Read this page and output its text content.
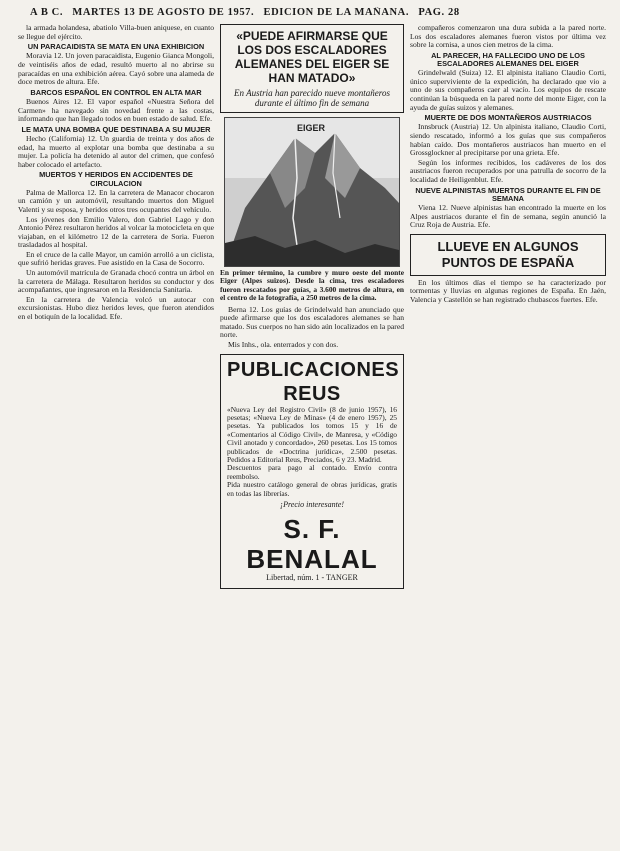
A B C. MARTES 13 DE AGOSTO DE 1957. EDICION DE LA MAÑANA. PAG. 28

la armada holandesa, abatiolo Villa-buen aniquese, en cuanto se llegue del ejército.

UN PARACAIDISTA SE MATA EN UNA EXHIBICION

Moravia 12. Un joven paracaidista, Eugenio Gianca Mongoli, de veintiséis años de edad, resultó muerto al no abrirse su paracaídas en una exhibición aérea. Cayó sobre una alameda de doce metros de altura. Efe.

BARCOS ESPAÑOL EN CONTROL EN ALTA MAR

Buenos Aires 12. El vapor español «Nuestra Señora del Carmen» ha navegado sin novedad frente a las costas, informando que han llegado todos en buen estado de salud. Efe.

LE MATA UNA BOMBA QUE DESTINABA A SU MUJER

Hecho (California) 12. Un guardia de treinta y dos años de edad, ha muerto al explotar una bomba que destinaba a su mujer. La policía ha detenido al autor del crimen, que confesó haber colocado el artefacto.

MUERTOS Y HERIDOS EN ACCIDENTES DE CIRCULACION

Palma de Mallorca 12. En la carretera de Manacor chocaron un camión y un automóvil, resultando muertos don Miguel Valenti y su esposa, y heridos otros tres ocupantes del vehículo.

Los jóvenes don Emilio Valero, don Gabriel Lago y don Antonio Pérez resultaron heridos al volcar la motocicleta en que viajaban, en el kilómetro 12 de la carretera de Soria. Fueron trasladados al hospital.

En el cruce de la calle Mayor, un camión arrolló a un ciclista, que sufrió heridas graves. Fue asistido en la Casa de Socorro.

Un automóvil matrícula de Granada chocó contra un árbol en la carretera de Málaga. Resultaron heridos su conductor y dos acompañantes, que ingresaron en la Residencia Sanitaria.

En la carretera de Valencia volcó un autocar con excursionistas. Hubo diez heridos leves, que fueron atendidos en el botiquín de la localidad. Efe.

«PUEDE AFIRMARSE QUE LOS DOS ESCALADORES ALEMANES DEL EIGER SE HAN MATADO»
En Austria han parecido nueve montañeros durante el último fin de semana
EIGER
En primer término, la cumbre y muro oeste del monte Eiger (Alpes suizos). Desde la cima, tres escaladores fueron rescatados por guías, a 3.600 metros de altura, en el centro de la fotografía, a 250 metros de la cima.

Berna 12. Los guías de Grindelwald han anunciado que puede afirmarse que los dos escaladores alemanes se han matado. Sus cuerpos no han sido aún localizados en la pared norte.

Mis Inhs., ola. enterrados y con dos.

PUBLICACIONES REUS
«Nueva Ley del Registro Civil» (8 de junio 1957), 16 pesetas; «Nueva Ley de Minas» (4 de enero 1957), 25 pesetas. Ya publicados los tomos 15 y 16 de «Comentarios al Código Civil», de Manresa, y «Código Civil anotado y concordado», 260 pesetas. Los 15 tomos publicados de «Doctrina jurídica», 2.500 pesetas. Pedidos a Editorial Reus, Preciados, 6 y 23. Madrid.
Descuentos para pago al contado. Envío contra reembolso.
Pida nuestro catálogo general de obras jurídicas, gratis en todas las librerías.
¡Precio interesante!
S. F. BENALAL
Libertad, núm. 1 - TANGER

compañeros comenzaron una dura subida a la pared norte. Los dos escaladores alemanes fueron vistos por última vez sobre la cornisa, a unos cien metros de la cima.

AL PARECER, HA FALLECIDO UNO DE LOS ESCALADORES ALEMANES DEL EIGER

Grindelwald (Suiza) 12. El alpinista italiano Claudio Corti, único superviviente de la expedición, ha declarado que vio a uno de sus compañeros caer al vacío. Los equipos de rescate continúan la búsqueda en la pared norte del monte Eiger, con la ayuda de guías suizos y alemanes.

MUERTE DE DOS MONTAÑEROS AUSTRIACOS

Innsbruck (Austria) 12. Un alpinista italiano, Claudio Corti, siendo rescatado, informó a los guías que sus compañeros habían caído. Dos montañeros austriacos han muerto en el Grossglockner al precipitarse por una grieta. Efe.

Según los informes recibidos, los cadáveres de los dos austriacos fueron recuperados por una patrulla de socorro de la localidad de Heiligenblut. Efe.

NUEVE ALPINISTAS MUERTOS DURANTE EL FIN DE SEMANA

Viena 12. Nueve alpinistas han encontrado la muerte en los Alpes austriacos durante el fin de semana, según anunció la Cruz Roja de Austria. Efe.

LLUEVE EN ALGUNOS PUNTOS DE ESPAÑA

En los últimos días el tiempo se ha caracterizado por tormentas y lluvias en algunas regiones de España. En Jaén, Valencia y Castellón se han registrado chubascos fuertes. Efe.
